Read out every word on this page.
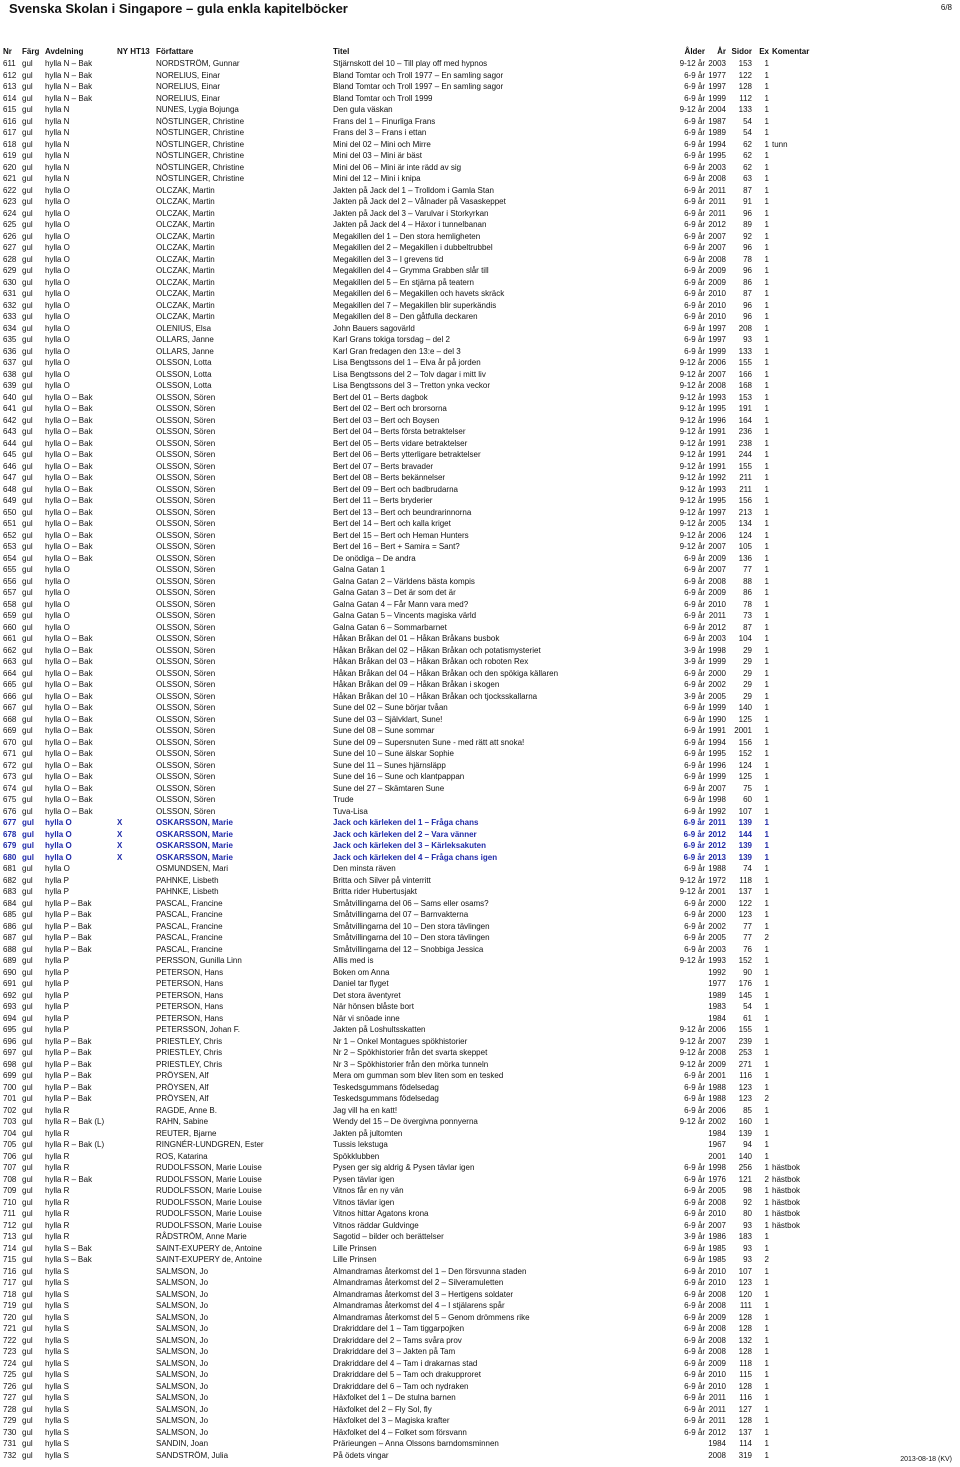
Svenska Skolan i Singapore – gula enkla kapitelböcker	6/8
Nr	Färg Avdelning	NY HT13 Författare	Titel	Ålder	År Sidor Ex Komentar
611 gul	hylla N – Bak	NORDSTRÖM, Gunnar	Stjärnskott del 10 – Till play off med hypnos	9-12 år 2003	153	1
612 gul	hylla N – Bak	NORELIUS, Einar	Bland Tomtar och Troll 1977 – En samling sagor	6-9 år 1977	122	1
613 gul	hylla N – Bak	NORELIUS, Einar	Bland Tomtar och Troll 1997 – En samling sagor	6-9 år 1997	128	1
614 gul	hylla N – Bak	NORELIUS, Einar	Bland Tomtar och Troll 1999	6-9 år 1999	112	1
615 gul	hylla N	NUNES, Lygia Bojunga	Den gula väskan	9-12 år 2004	133	1
616 gul	hylla N	NÖSTLINGER, Christine	Frans del 1 – Finurliga Frans	6-9 år 1987	54	1
617 gul	hylla N	NÖSTLINGER, Christine	Frans del 3 – Frans i ettan	6-9 år 1989	54	1
618 gul	hylla N	NÖSTLINGER, Christine	Mini del 02 – Mini och Mirre	6-9 år 1994	62	1 tunn
619 gul	hylla N	NÖSTLINGER, Christine	Mini del 03 – Mini är bäst	6-9 år 1995	62	1
620 gul	hylla N	NÖSTLINGER, Christine	Mini del 06 – Mini är inte rädd av sig	6-9 år 2003	62	1
621 gul	hylla N	NÖSTLINGER, Christine	Mini del 12 – Mini i knipa	6-9 år 2008	63	1
622 gul	hylla O	OLCZAK, Martin	Jakten på Jack del 1 – Trolldom i Gamla Stan	6-9 år 2011	87	1
623 gul	hylla O	OLCZAK, Martin	Jakten på Jack del 2 – Vålnader på Vasaskeppet	6-9 år 2011	91	1
624 gul	hylla O	OLCZAK, Martin	Jakten på Jack del 3 – Varulvar i Storkyrkan	6-9 år 2011	96	1
625 gul	hylla O	OLCZAK, Martin	Jakten på Jack del 4 – Häxor i tunnelbanan	6-9 år 2012	89	1
626 gul	hylla O	OLCZAK, Martin	Megakillen del 1 – Den stora hemligheten	6-9 år 2007	92	1
627 gul	hylla O	OLCZAK, Martin	Megakillen del 2 – Megakillen i dubbeltrubbel	6-9 år 2007	96	1
628 gul	hylla O	OLCZAK, Martin	Megakillen del 3 – I grevens tid	6-9 år 2008	78	1
629 gul	hylla O	OLCZAK, Martin	Megakillen del 4 – Grymma Grabben slår till	6-9 år 2009	96	1
630 gul	hylla O	OLCZAK, Martin	Megakillen del 5 – En stjärna på teatern	6-9 år 2009	86	1
631 gul	hylla O	OLCZAK, Martin	Megakillen del 6 – Megakillen och havets skräck	6-9 år 2010	87	1
632 gul	hylla O	OLCZAK, Martin	Megakillen del 7 – Megakillen blir superkändis	6-9 år 2010	96	1
633 gul	hylla O	OLCZAK, Martin	Megakillen del 8 – Den gåtfulla deckaren	6-9 år 2010	96	1
634 gul	hylla O	OLENIUS, Elsa	John Bauers sagovärld	6-9 år 1997	208	1
635 gul	hylla O	OLLARS, Janne	Karl Grans tokiga torsdag – del 2	6-9 år 1997	93	1
636 gul	hylla O	OLLARS, Janne	Karl Gran fredagen den 13:e – del 3	6-9 år 1999	133	1
637 gul	hylla O	OLSSON, Lotta	Lisa Bengtssons del 1 – Elva år på jorden	9-12 år 2006	155	1
638 gul	hylla O	OLSSON, Lotta	Lisa Bengtssons del 2 – Tolv dagar i mitt liv	9-12 år 2007	166	1
639 gul	hylla O	OLSSON, Lotta	Lisa Bengtssons del 3 – Tretton ynka veckor	9-12 år 2008	168	1
640 gul	hylla O – Bak	OLSSON, Sören	Bert del 01 – Berts dagbok	9-12 år 1993	153	1
641 gul	hylla O – Bak	OLSSON, Sören	Bert del 02 – Bert och brorsorna	9-12 år 1995	191	1
642 gul	hylla O – Bak	OLSSON, Sören	Bert del 03 – Bert och Boysen	9-12 år 1996	164	1
643 gul	hylla O – Bak	OLSSON, Sören	Bert del 04 – Berts första betraktelser	9-12 år 1991	236	1
644 gul	hylla O – Bak	OLSSON, Sören	Bert del 05 – Berts vidare betraktelser	9-12 år 1991	238	1
645 gul	hylla O – Bak	OLSSON, Sören	Bert del 06 – Berts ytterligare betraktelser	9-12 år 1991	244	1
646 gul	hylla O – Bak	OLSSON, Sören	Bert del 07 – Berts bravader	9-12 år 1991	155	1
647 gul	hylla O – Bak	OLSSON, Sören	Bert del 08 – Berts bekännelser	9-12 år 1992	211	1
648 gul	hylla O – Bak	OLSSON, Sören	Bert del 09 – Bert och badbrudarna	9-12 år 1993	211	1
649 gul	hylla O – Bak	OLSSON, Sören	Bert del 11 – Berts bryderier	9-12 år 1995	156	1
650 gul	hylla O – Bak	OLSSON, Sören	Bert del 13 – Bert och beundrarinnorna	9-12 år 1997	213	1
651 gul	hylla O – Bak	OLSSON, Sören	Bert del 14 – Bert och kalla kriget	9-12 år 2005	134	1
652 gul	hylla O – Bak	OLSSON, Sören	Bert del 15 – Bert och Heman Hunters	9-12 år 2006	124	1
653 gul	hylla O – Bak	OLSSON, Sören	Bert del 16 – Bert + Samira = Sant?	9-12 år 2007	105	1
654 gul	hylla O – Bak	OLSSON, Sören	De onödiga – De andra	6-9 år 2009	136	1
655 gul	hylla O	OLSSON, Sören	Galna Gatan 1	6-9 år 2007	77	1
656 gul	hylla O	OLSSON, Sören	Galna Gatan 2 – Världens bästa kompis	6-9 år 2008	88	1
657 gul	hylla O	OLSSON, Sören	Galna Gatan 3 – Det är som det är	6-9 år 2009	86	1
658 gul	hylla O	OLSSON, Sören	Galna Gatan 4 – Får Mann vara med?	6-9 år 2010	78	1
659 gul	hylla O	OLSSON, Sören	Galna Gatan 5 – Vincents magiska värld	6-9 år 2011	73	1
660 gul	hylla O	OLSSON, Sören	Galna Gatan 6 – Sommarbarnet	6-9 år 2012	87	1
661 gul	hylla O – Bak	OLSSON, Sören	Håkan Bråkan del 01 – Håkan Bråkans busbok	6-9 år 2003	104	1
662 gul	hylla O – Bak	OLSSON, Sören	Håkan Bråkan del 02 – Håkan Bråkan och potatismysteriet	3-9 år 1998	29	1
663 gul	hylla O – Bak	OLSSON, Sören	Håkan Bråkan del 03 – Håkan Bråkan och roboten Rex	3-9 år 1999	29	1
664 gul	hylla O – Bak	OLSSON, Sören	Håkan Bråkan del 04 – Håkan Bråkan och den spökiga källaren	6-9 år 2000	29	1
665 gul	hylla O – Bak	OLSSON, Sören	Håkan Bråkan del 09 – Håkan Bråkan i skogen	6-9 år 2002	29	1
666 gul	hylla O – Bak	OLSSON, Sören	Håkan Bråkan del 10 – Håkan Bråkan och tjocksskallarna	3-9 år 2005	29	1
667 gul	hylla O – Bak	OLSSON, Sören	Sune del 02 – Sune börjar tvåan	6-9 år 1999	140	1
668 gul	hylla O – Bak	OLSSON, Sören	Sune del 03 – Självklart, Sune!	6-9 år 1990	125	1
669 gul	hylla O – Bak	OLSSON, Sören	Sune del 08 – Sune sommar	6-9 år 1991	2001	1
670 gul	hylla O – Bak	OLSSON, Sören	Sune del 09 – Supersnuten Sune - med rätt att snoka!	6-9 år 1994	156	1
671 gul	hylla O – Bak	OLSSON, Sören	Sune del 10 – Sune älskar Sophie	6-9 år 1995	152	1
672 gul	hylla O – Bak	OLSSON, Sören	Sune del 11 – Sunes hjärnsläpp	6-9 år 1996	124	1
673 gul	hylla O – Bak	OLSSON, Sören	Sune del 16 – Sune och klantpappan	6-9 år 1999	125	1
674 gul	hylla O – Bak	OLSSON, Sören	Sune del 27 – Skämtaren Sune	6-9 år 2007	75	1
675 gul	hylla O – Bak	OLSSON, Sören	Trude	6-9 år 1998	60	1
676 gul	hylla O – Bak	OLSSON, Sören	Tuva-Lisa	6-9 år 1992	107	1
677 gul	hylla O	X	OSKARSSON, Marie	Jack och kärleken del 1 – Fråga chans	6-9 år 2011	139	1
678 gul	hylla O	X	OSKARSSON, Marie	Jack och kärleken del 2 – Vara vänner	6-9 år 2012	144	1
679 gul	hylla O	X	OSKARSSON, Marie	Jack och kärleken del 3 – Kärleksakuten	6-9 år 2012	139	1
680 gul	hylla O	X	OSKARSSON, Marie	Jack och kärleken del 4 – Fråga chans igen	6-9 år 2013	139	1
681 gul	hylla O	OSMUNDSEN, Mari	Den minsta räven	6-9 år 1988	74	1
682 gul	hylla P	PAHNKE, Lisbeth	Britta och Silver på vinterritt	9-12 år 1972	118	1
683 gul	hylla P	PAHNKE, Lisbeth	Britta rider Hubertusjakt	9-12 år 2001	137	1
684 gul	hylla P – Bak	PASCAL, Francine	Småtvillingarna del 06 – Sams eller osams?	6-9 år 2000	122	1
685 gul	hylla P – Bak	PASCAL, Francine	Småtvillingarna del 07 – Barnvakterna	6-9 år 2000	123	1
686 gul	hylla P – Bak	PASCAL, Francine	Småtvillingarna del 10 – Den stora tävlingen	6-9 år 2002	77	1
687 gul	hylla P – Bak	PASCAL, Francine	Småtvillingarna del 10 – Den stora tävlingen	6-9 år 2005	77	2
688 gul	hylla P – Bak	PASCAL, Francine	Småtvillingarna del 12 – Snobbiga Jessica	6-9 år 2003	76	1
689 gul	hylla P	PERSSON, Gunilla Linn	Allis med is	9-12 år 1993	152	1
690 gul	hylla P	PETERSON, Hans	Boken om Anna	1992	90	1
691 gul	hylla P	PETERSON, Hans	Daniel tar flyget	1977	176	1
692 gul	hylla P	PETERSON, Hans	Det stora äventyret	1989	145	1
693 gul	hylla P	PETERSON, Hans	När hönsen blåste bort	1983	54	1
694 gul	hylla P	PETERSON, Hans	När vi snöade inne	1984	61	1
695 gul	hylla P	PETERSSON, Johan F.	Jakten på Loshultsskatten	9-12 år 2006	155	1
696 gul	hylla P – Bak	PRIESTLEY, Chris	Nr 1 – Onkel Montagues spökhistorier	9-12 år 2007	239	1
697 gul	hylla P – Bak	PRIESTLEY, Chris	Nr 2 – Spökhistorier från det svarta skeppet	9-12 år 2008	253	1
698 gul	hylla P – Bak	PRIESTLEY, Chris	Nr 3 – Spökhistorier från den mörka tunneln	9-12 år 2009	271	1
699 gul	hylla P – Bak	PRÖYSEN, Alf	Mera om gumman som blev liten som en tesked	6-9 år 2001	116	1
700 gul	hylla P – Bak	PRÖYSEN, Alf	Teskedsgummans födelsedag	6-9 år 1988	123	1
701 gul	hylla P – Bak	PRÖYSEN, Alf	Teskedsgummans födelsedag	6-9 år 1988	123	2
702 gul	hylla R	RAGDE, Anne B.	Jag vill ha en katt!	6-9 år 2006	85	1
703 gul	hylla R – Bak (L)	RAHN, Sabine	Wendy del 15 – De övergivna ponnyerna	9-12 år 2002	160	1
704 gul	hylla R	REUTER, Bjarne	Jakten på jultomten	1984	139	1
705 gul	hylla R – Bak (L)	RINGNÉR-LUNDGREN, Ester	Tussis lekstuga	1967	94	1
706 gul	hylla R	ROS, Katarina	Spökklubben	2001	140	1
707 gul	hylla R	RUDOLFSSON, Marie Louise	Pysen ger sig aldrig & Pysen tävlar igen	6-9 år 1998	256	1 hästbok
708 gul	hylla R – Bak	RUDOLFSSON, Marie Louise	Pysen tävlar igen	6-9 år 1976	121	2 hästbok
709 gul	hylla R	RUDOLFSSON, Marie Louise	Vitnos får en ny vän	6-9 år 2005	98	1 hästbok
710 gul	hylla R	RUDOLFSSON, Marie Louise	Vitnos tävlar igen	6-9 år 2008	92	1 hästbok
711 gul	hylla R	RUDOLFSSON, Marie Louise	Vitnos hittar Agatons krona	6-9 år 2010	80	1 hästbok
712 gul	hylla R	RUDOLFSSON, Marie Louise	Vitnos räddar Guldvinge	6-9 år 2007	93	1 hästbok
713 gul	hylla R	RÅDSTRÖM, Anne Marie	Sagotid – bilder och berättelser	3-9 år 1986	183	1
714 gul	hylla S – Bak	SAINT-EXUPERY de, Antoine	Lille Prinsen	6-9 år 1985	93	1
715 gul	hylla S – Bak	SAINT-EXUPERY de, Antoine	Lille Prinsen	6-9 år 1985	93	2
716 gul	hylla S	SALMSON, Jo	Almandramas återkomst del 1 – Den försvunna staden	6-9 år 2010	107	1
717 gul	hylla S	SALMSON, Jo	Almandramas återkomst del 2 – Silveramuletten	6-9 år 2010	123	1
718 gul	hylla S	SALMSON, Jo	Almandramas återkomst del 3 – Hertigens soldater	6-9 år 2008	120	1
719 gul	hylla S	SALMSON, Jo	Almandramas återkomst del 4 – I stjälarens spår	6-9 år 2008	111	1
720 gul	hylla S	SALMSON, Jo	Almandramas återkomst del 5 – Genom drömmens rike	6-9 år 2009	128	1
721 gul	hylla S	SALMSON, Jo	Drakriddare del 1 – Tam tiggarpojken	6-9 år 2008	128	1
722 gul	hylla S	SALMSON, Jo	Drakriddare del 2 – Tams svåra prov	6-9 år 2008	132	1
723 gul	hylla S	SALMSON, Jo	Drakriddare del 3 – Jakten på Tam	6-9 år 2008	128	1
724 gul	hylla S	SALMSON, Jo	Drakriddare del 4 – Tam i drakarnas stad	6-9 år 2009	118	1
725 gul	hylla S	SALMSON, Jo	Drakriddare del 5 – Tam och drakupproret	6-9 år 2010	115	1
726 gul	hylla S	SALMSON, Jo	Drakriddare del 6 – Tam och nydraken	6-9 år 2010	128	1
727 gul	hylla S	SALMSON, Jo	Häxfolket del 1 – De stulna barnen	6-9 år 2011	116	1
728 gul	hylla S	SALMSON, Jo	Häxfolket del 2 – Fly Sol, fly	6-9 år 2011	127	1
729 gul	hylla S	SALMSON, Jo	Häxfolket del 3 – Magiska krafter	6-9 år 2011	128	1
730 gul	hylla S	SALMSON, Jo	Häxfolket del 4 – Folket som försvann	6-9 år 2012	137	1
731 gul	hylla S	SANDIN, Joan	Prärieungen – Anna Olssons barndomsminnen	1984	114	1
732 gul	hylla S	SANDSTRÖM, Julia	På ödets vingar	2008	319	1	2013-08-18 (KV)
